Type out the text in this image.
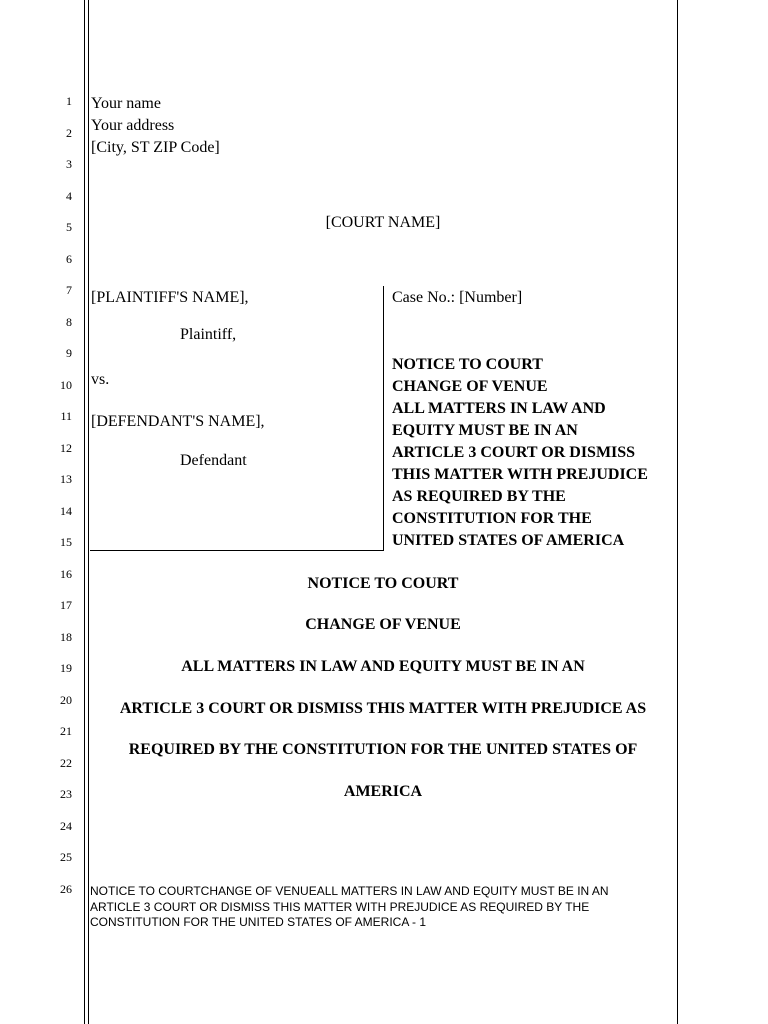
1
2
3
4
5
6
7
8
9
10
11
12
13
14
15
16
17
18
19
20
21
22
23
24
25
26
Your name
Your address
[City, ST ZIP Code]
[COURT NAME]
[PLAINTIFF'S NAME],
Plaintiff,
vs.
[DEFENDANT'S NAME],
Defendant
Case No.: [Number]
NOTICE TO COURT
CHANGE OF VENUE
ALL MATTERS IN LAW AND
EQUITY MUST BE IN AN
ARTICLE 3 COURT OR DISMISS
THIS MATTER WITH PREJUDICE
AS REQUIRED BY THE
CONSTITUTION FOR THE
UNITED STATES OF AMERICA
NOTICE TO COURT
CHANGE OF VENUE
ALL MATTERS IN LAW AND EQUITY MUST BE IN AN
ARTICLE 3 COURT OR DISMISS THIS MATTER WITH PREJUDICE AS
REQUIRED BY THE CONSTITUTION FOR THE UNITED STATES OF
AMERICA
NOTICE TO COURTCHANGE OF VENUEALL MATTERS IN LAW AND EQUITY MUST BE IN AN
ARTICLE 3 COURT OR DISMISS THIS MATTER WITH PREJUDICE AS REQUIRED BY THE
CONSTITUTION FOR THE UNITED STATES OF AMERICA - 1
